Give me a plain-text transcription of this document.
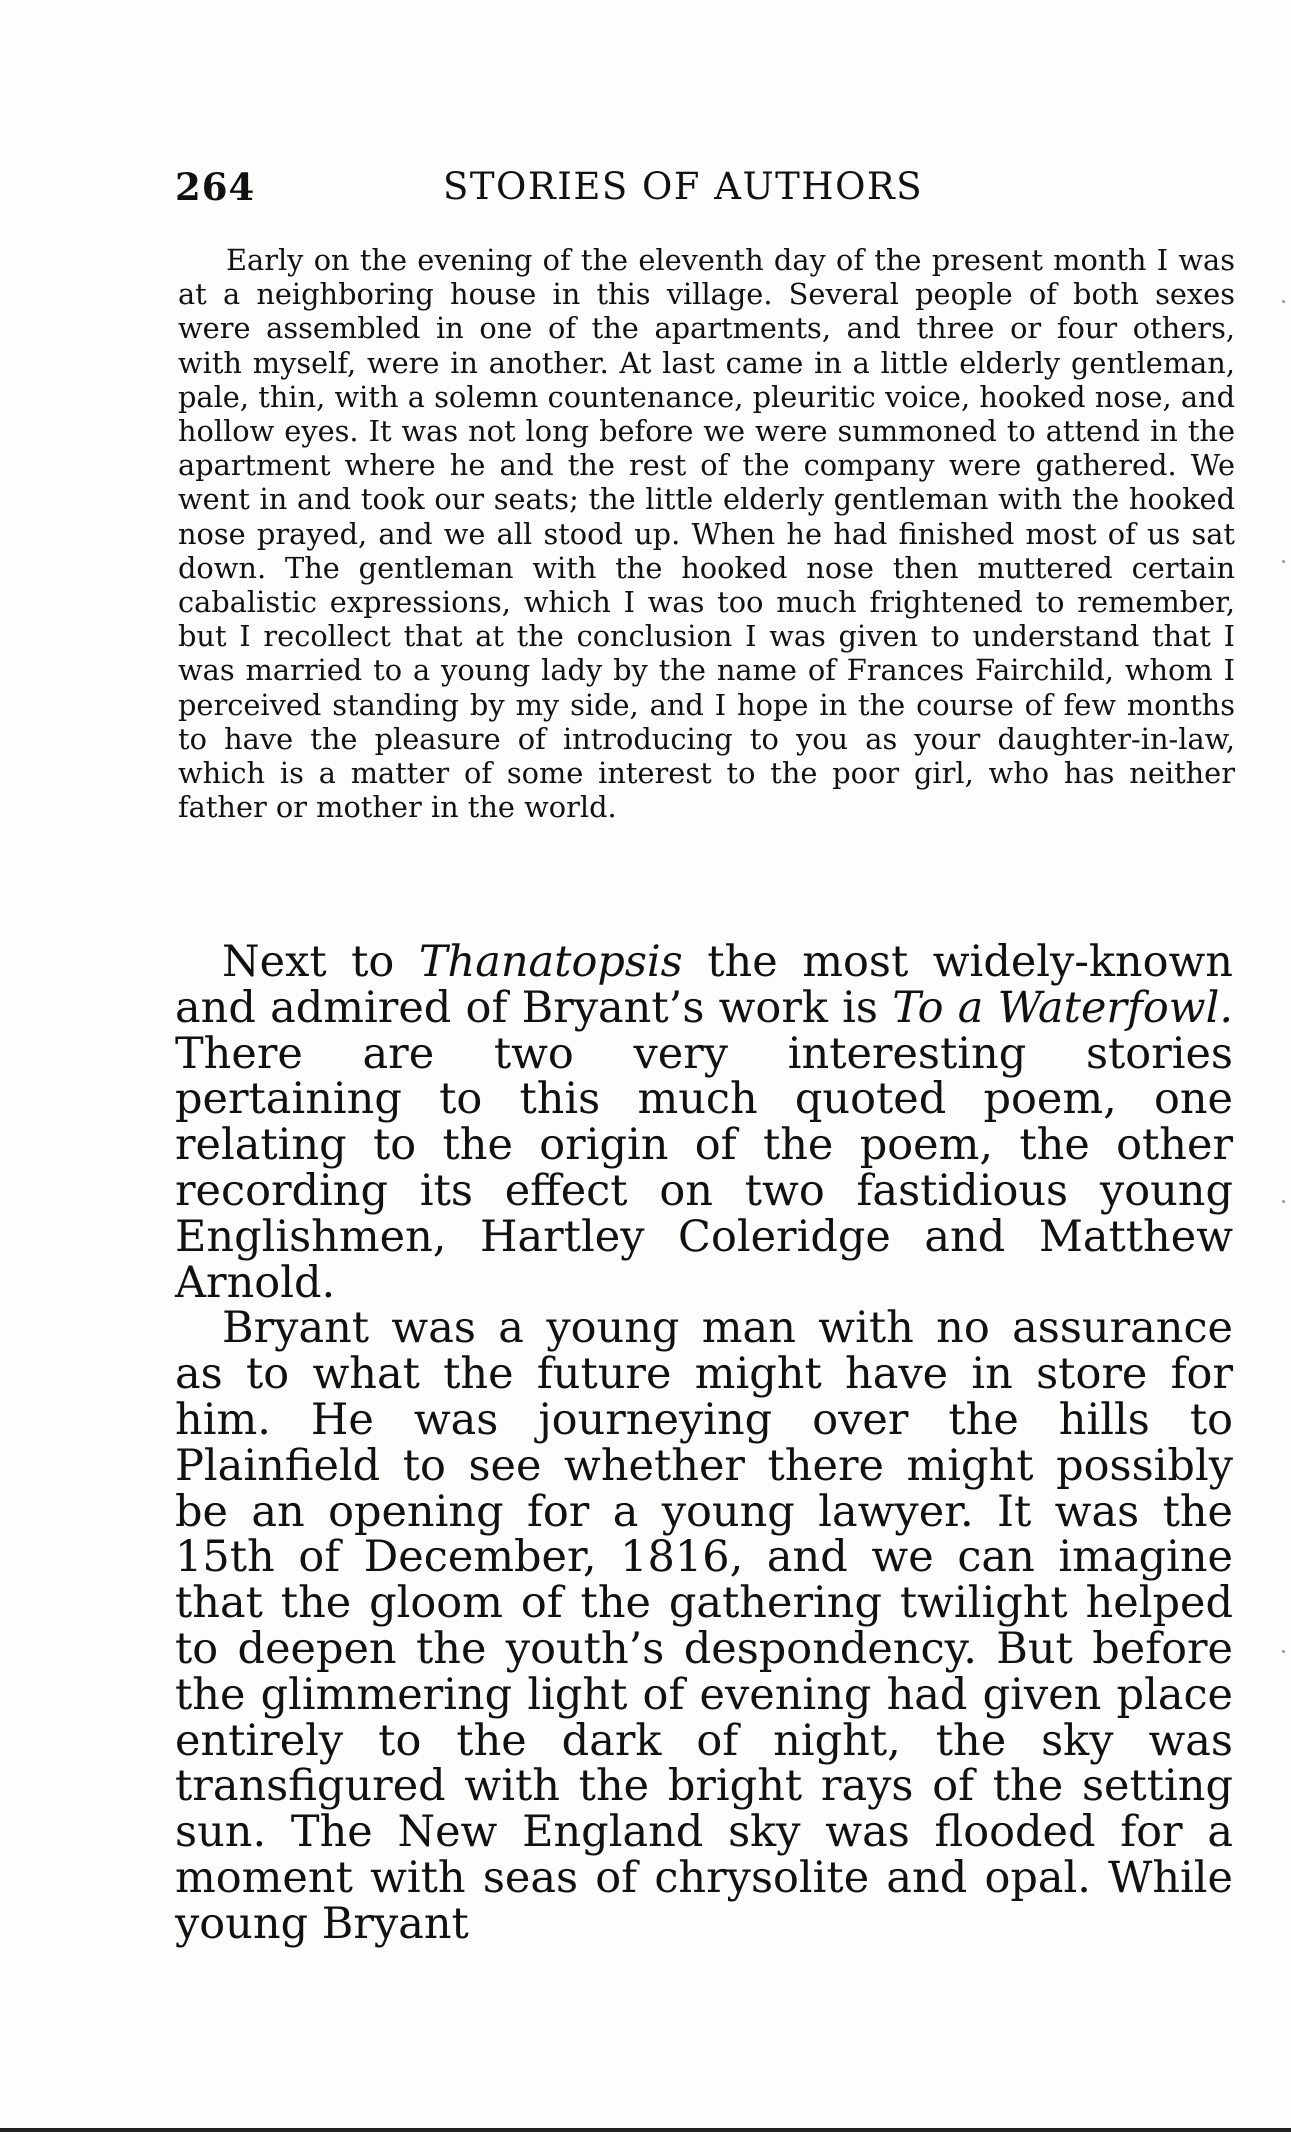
264	STORIES OF AUTHORS

Early on the evening of the eleventh day of the present month I was at a neighboring house in this village. Several people of both sexes were assembled in one of the apartments, and three or four others, with myself, were in another. At last came in a little elderly gentleman, pale, thin, with a solemn countenance, pleuritic voice, hooked nose, and hollow eyes. It was not long before we were summoned to attend in the apartment where he and the rest of the company were gathered. We went in and took our seats; the little elderly gentleman with the hooked nose prayed, and we all stood up. When he had finished most of us sat down. The gentleman with the hooked nose then muttered certain cabalistic expressions, which I was too much frightened to remember, but I recollect that at the conclusion I was given to understand that I was married to a young lady by the name of Frances Fairchild, whom I perceived standing by my side, and I hope in the course of few months to have the pleasure of introducing to you as your daughter-in-law, which is a matter of some interest to the poor girl, who has neither father or mother in the world.

Next to Thanatopsis the most widely-known and admired of Bryant’s work is To a Waterfowl. There are two very interesting stories pertaining to this much quoted poem, one relating to the origin of the poem, the other recording its effect on two fastidious young Englishmen, Hartley Coleridge and Matthew Arnold.

Bryant was a young man with no assurance as to what the future might have in store for him. He was journeying over the hills to Plainfield to see whether there might possibly be an opening for a young lawyer. It was the 15th of December, 1816, and we can imagine that the gloom of the gathering twilight helped to deepen the youth’s despondency. But before the glimmering light of evening had given place entirely to the dark of night, the sky was transfigured with the bright rays of the setting sun. The New England sky was flooded for a moment with seas of chrysolite and opal. While young Bryant
